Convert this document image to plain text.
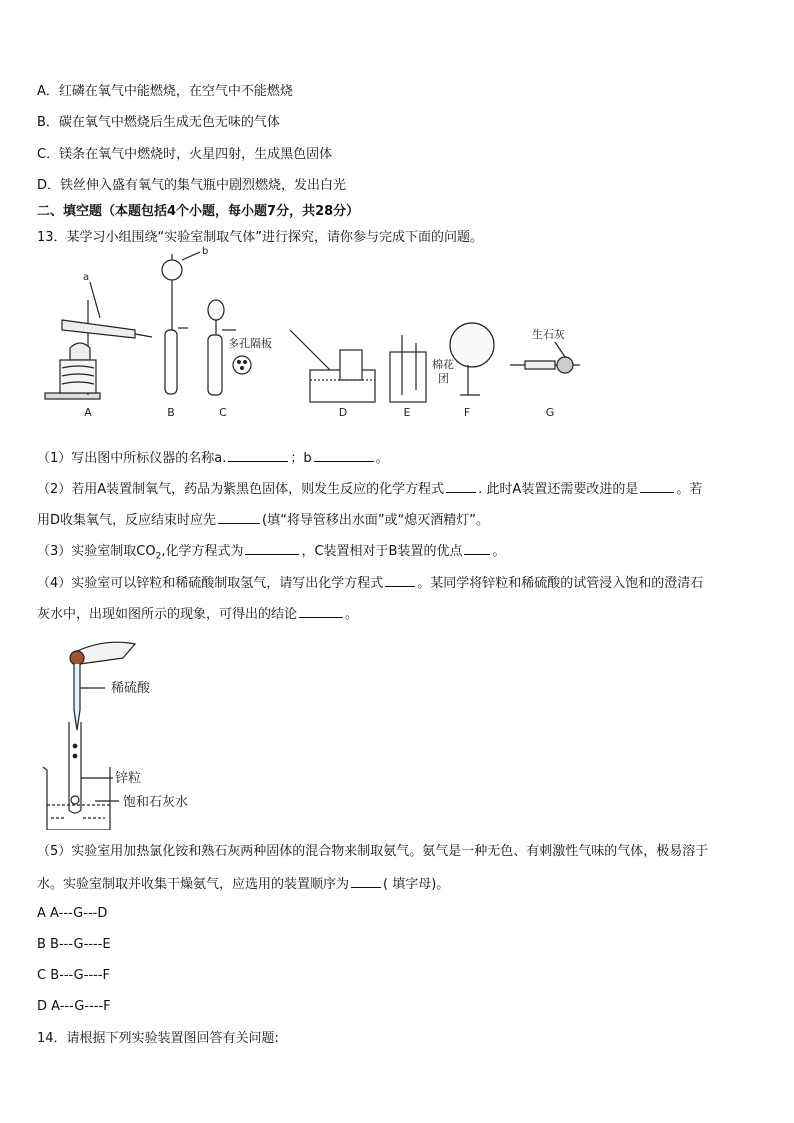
A．红磷在氧气中能燃烧，在空气中不能燃烧
B．碳在氧气中燃烧后生成无色无味的气体
C．镁条在氧气中燃烧时，火星四射，生成黑色固体
D．铁丝伸入盛有氧气的集气瓶中剧烈燃烧，发出白光
二、填空题（本题包括4个小题，每小题7分，共28分）
13．某学习小组围绕“实验室制取气体”进行探究，请你参与完成下面的问题。
a
b
多孔隔板
棉花
团
生石灰
A	B	C	D	E	F	G
（1）写出图中所标仪器的名称a.	；b	。
（2）若用A装置制氧气，药品为紫黑色固体，则发生反应的化学方程式	. 此时A装置还需要改进的是	。若
用D收集氧气，反应结束时应先	(填“将导管移出水面”或“熄灭酒精灯”。
（3）实验室制取$CO_2$,化学方程式为	，C装置相对于B装置的优点 。
（4）实验室可以锌粒和稀硫酸制取氢气，请写出化学方程式	。某同学将锌粒和稀硫酸的试管浸入饱和的澄清石
灰水中，出现如图所示的现象，可得出的结论	。
稀硫酸
锌粒
饱和石灰水
（5）实验室用加热氯化铵和熟石灰两种固体的混合物来制取氨气。氨气是一种无色、有刺激性气味的气体，极易溶于
水。实验室制取并收集干燥氨气，应选用的装置顺序为	( 填字母)。
A A---G---D
B B---G----E
C B---G----F
D A---G----F
14．请根据下列实验装置图回答有关问题:
